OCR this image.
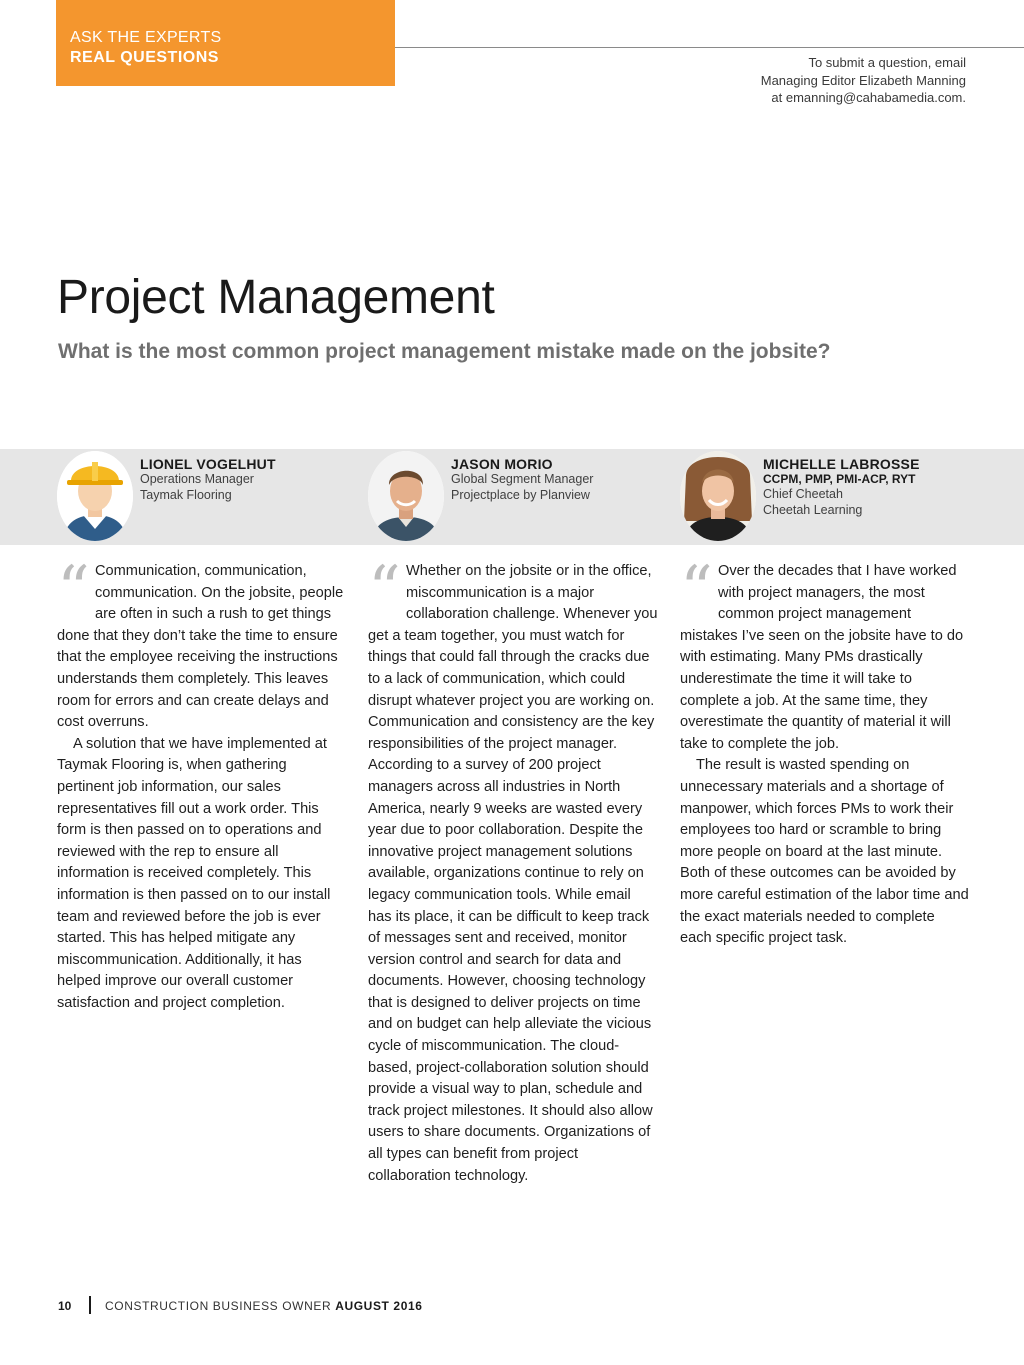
ASK THE EXPERTS
REAL QUESTIONS	To submit a question, email
Managing Editor Elizabeth Manning
at emanning@cahabamedia.com.
Project Management
What is the most common project management mistake made on the jobsite?
LIONEL VOGELHUT
Operations Manager
Taymak Flooring
JASON MORIO
Global Segment Manager
Projectplace by Planview
MICHELLE LABROSSE
CCPM, PMP, PMI-ACP, RYT
Chief Cheetah
Cheetah Learning
“ Communication, communication, communication. On the jobsite, people are often in such a rush to get things done that they don’t take the time to ensure that the employee receiving the instructions understands them completely. This leaves room for errors and can create delays and cost overruns.

A solution that we have implemented at Taymak Flooring is, when gathering pertinent job information, our sales representatives fill out a work order. This form is then passed on to operations and reviewed with the rep to ensure all information is received completely. This information is then passed on to our install team and reviewed before the job is ever started. This has helped mitigate any miscommunication. Additionally, it has helped improve our overall customer satisfaction and project completion.

“ Whether on the jobsite or in the office, miscommunication is a major collaboration challenge. Whenever you get a team together, you must watch for things that could fall through the cracks due to a lack of communication, which could disrupt whatever project you are working on. Communication and consistency are the key responsibilities of the project manager. According to a survey of 200 project managers across all industries in North America, nearly 9 weeks are wasted every year due to poor collaboration. Despite the innovative project management solutions available, organizations continue to rely on legacy communication tools. While email has its place, it can be difficult to keep track of messages sent and received, monitor version control and search for data and documents. However, choosing technology that is designed to deliver projects on time and on budget can help alleviate the vicious cycle of miscommunication. The cloud-based, project-collaboration solution should provide a visual way to plan, schedule and track project milestones. It should also allow users to share documents. Organizations of all types can benefit from project collaboration technology.

“ Over the decades that I have worked with project managers, the most common project management mistakes I’ve seen on the jobsite have to do with estimating. Many PMs drastically underestimate the time it will take to complete a job. At the same time, they overestimate the quantity of material it will take to complete the job.

The result is wasted spending on unnecessary materials and a shortage of manpower, which forces PMs to work their employees too hard or scramble to bring more people on board at the last minute. Both of these outcomes can be avoided by more careful estimation of the labor time and the exact materials needed to complete each specific project task.

10	CONSTRUCTION BUSINESS OWNER AUGUST 2016
